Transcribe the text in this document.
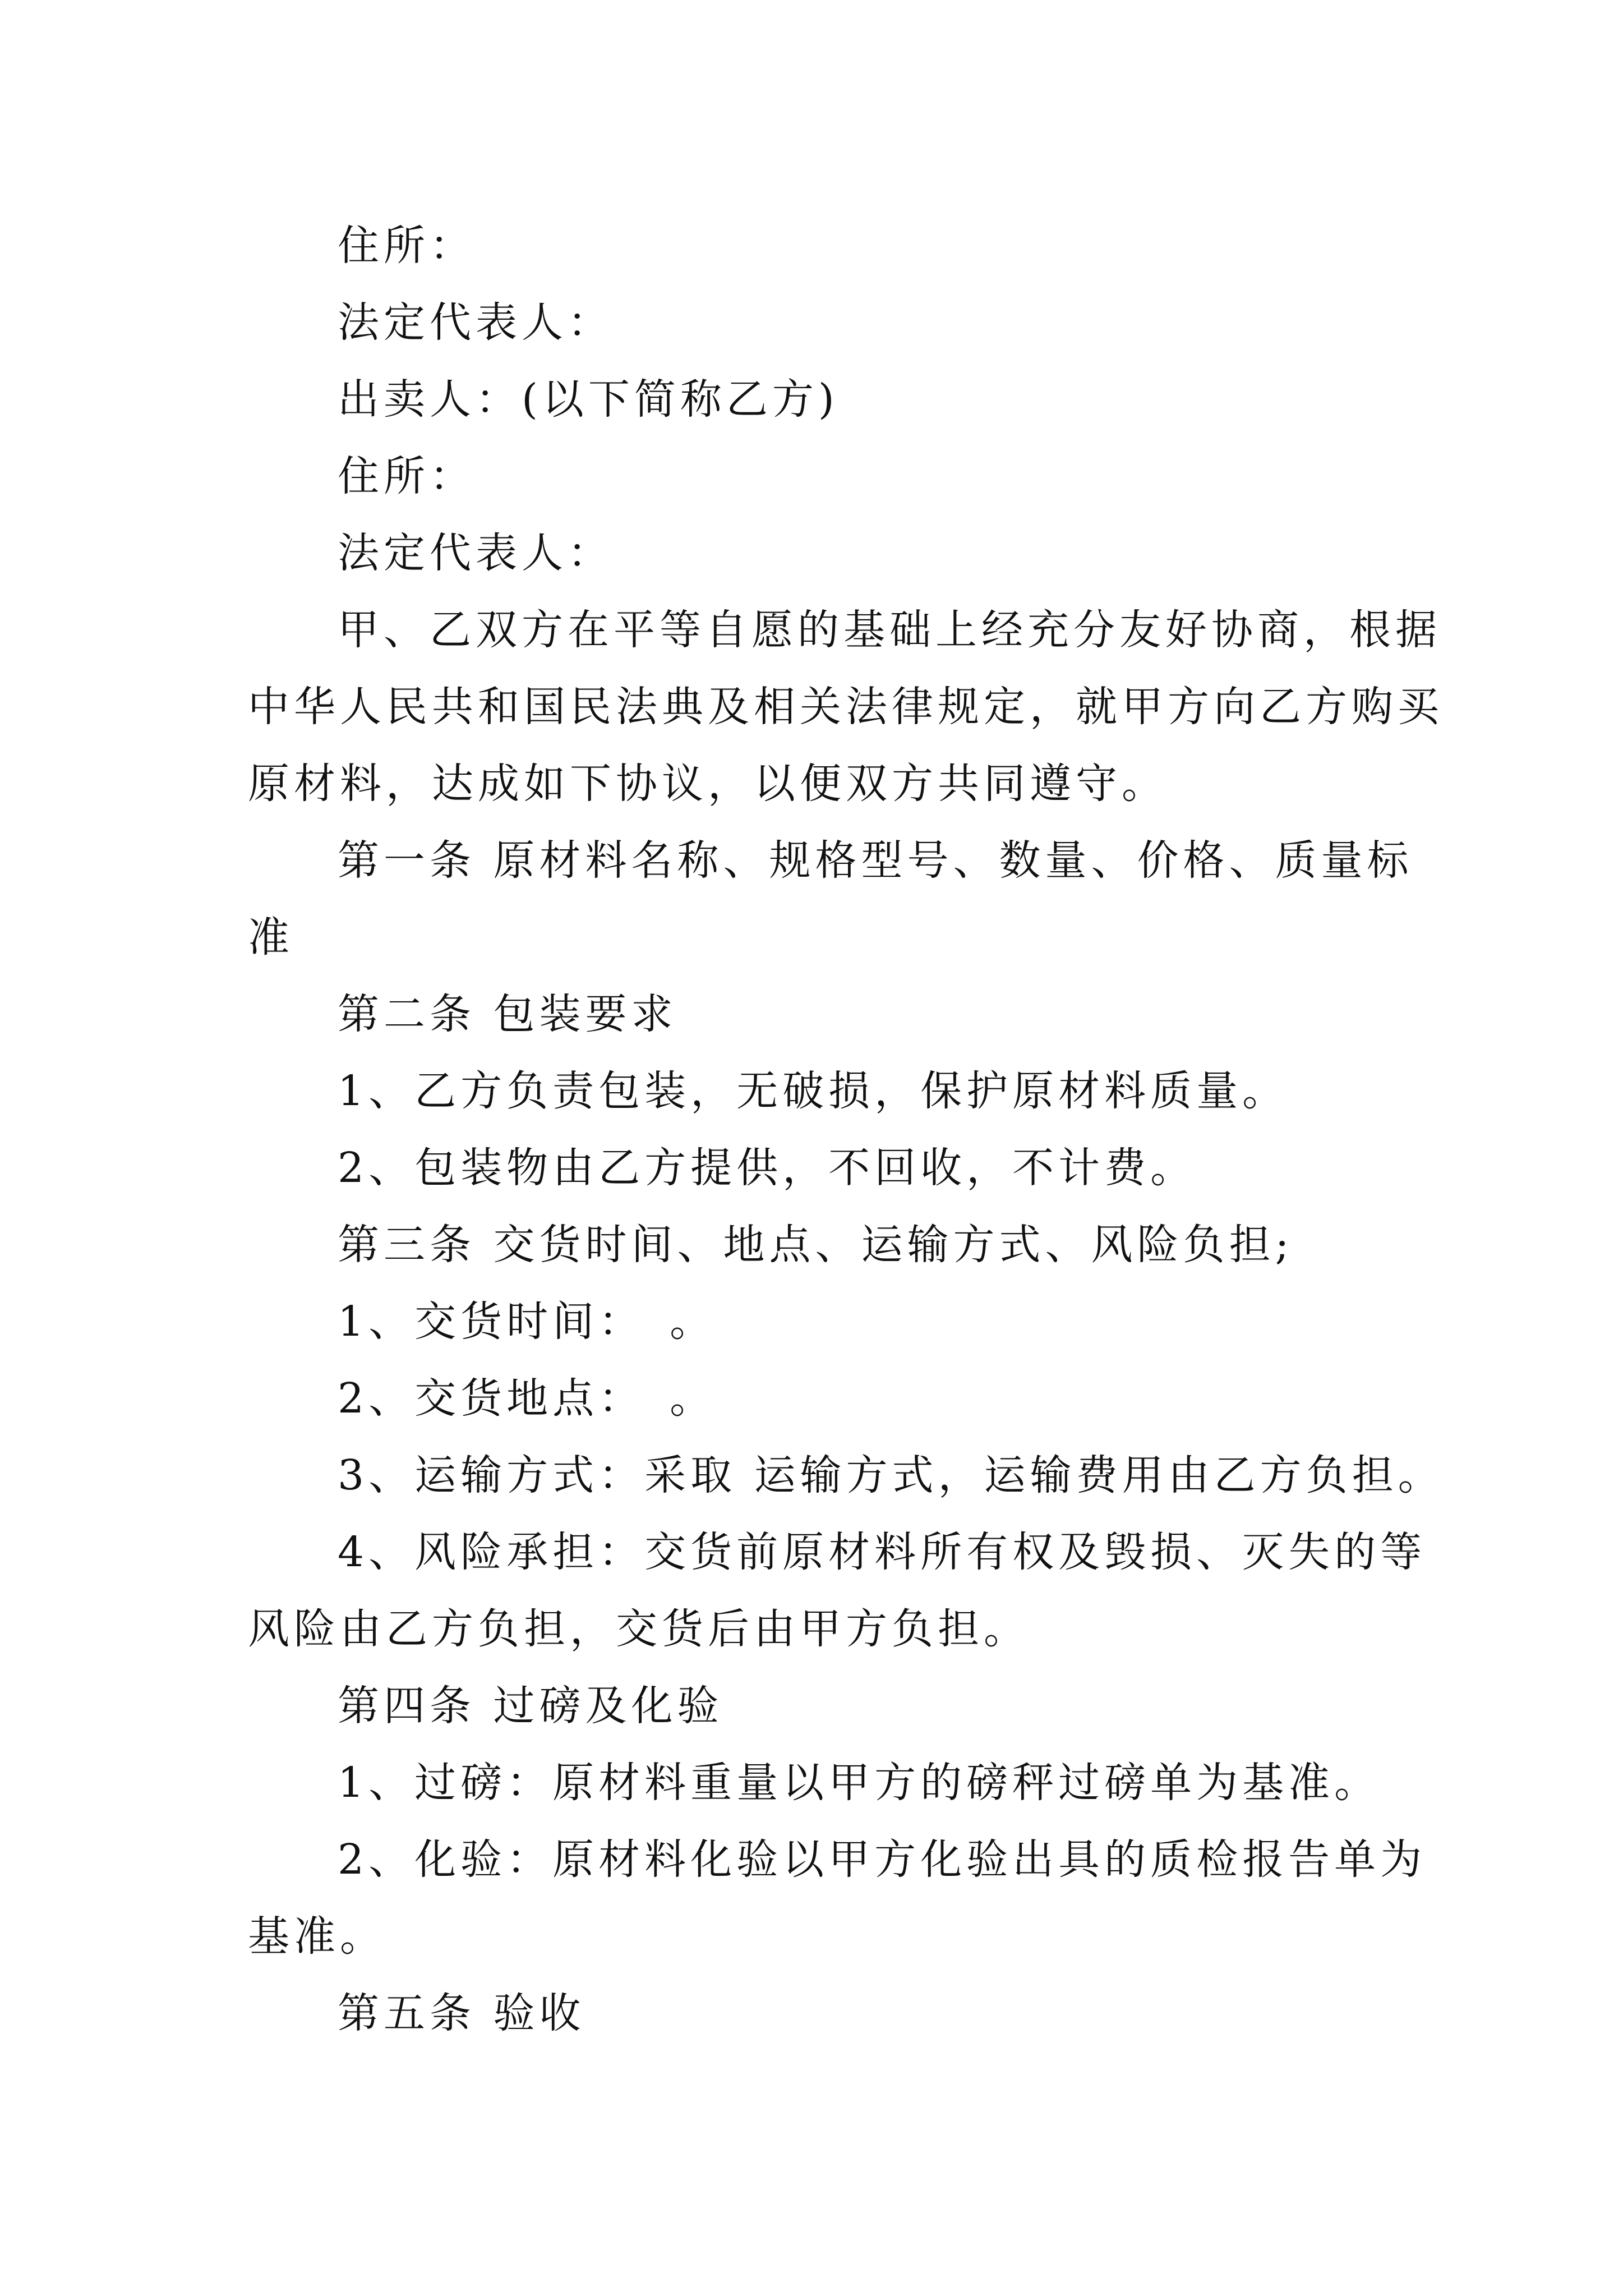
住所：
法定代表人：
出卖人：(以下简称乙方)
住所：
法定代表人：
甲、乙双方在平等自愿的基础上经充分友好协商，根据
中华人民共和国民法典及相关法律规定，就甲方向乙方购买
原材料，达成如下协议，以便双方共同遵守。
第一条 原材料名称、规格型号、数量、价格、质量标
准
第二条 包装要求
1、乙方负责包装，无破损，保护原材料质量。
2、包装物由乙方提供，不回收，不计费。
第三条 交货时间、地点、运输方式、风险负担;
1、交货时间：　。
2、交货地点：　。
3、运输方式：采取 运输方式，运输费用由乙方负担。
4、风险承担：交货前原材料所有权及毁损、灭失的等
风险由乙方负担，交货后由甲方负担。
第四条 过磅及化验
1、过磅：原材料重量以甲方的磅秤过磅单为基准。
2、化验：原材料化验以甲方化验出具的质检报告单为
基准。
第五条 验收
